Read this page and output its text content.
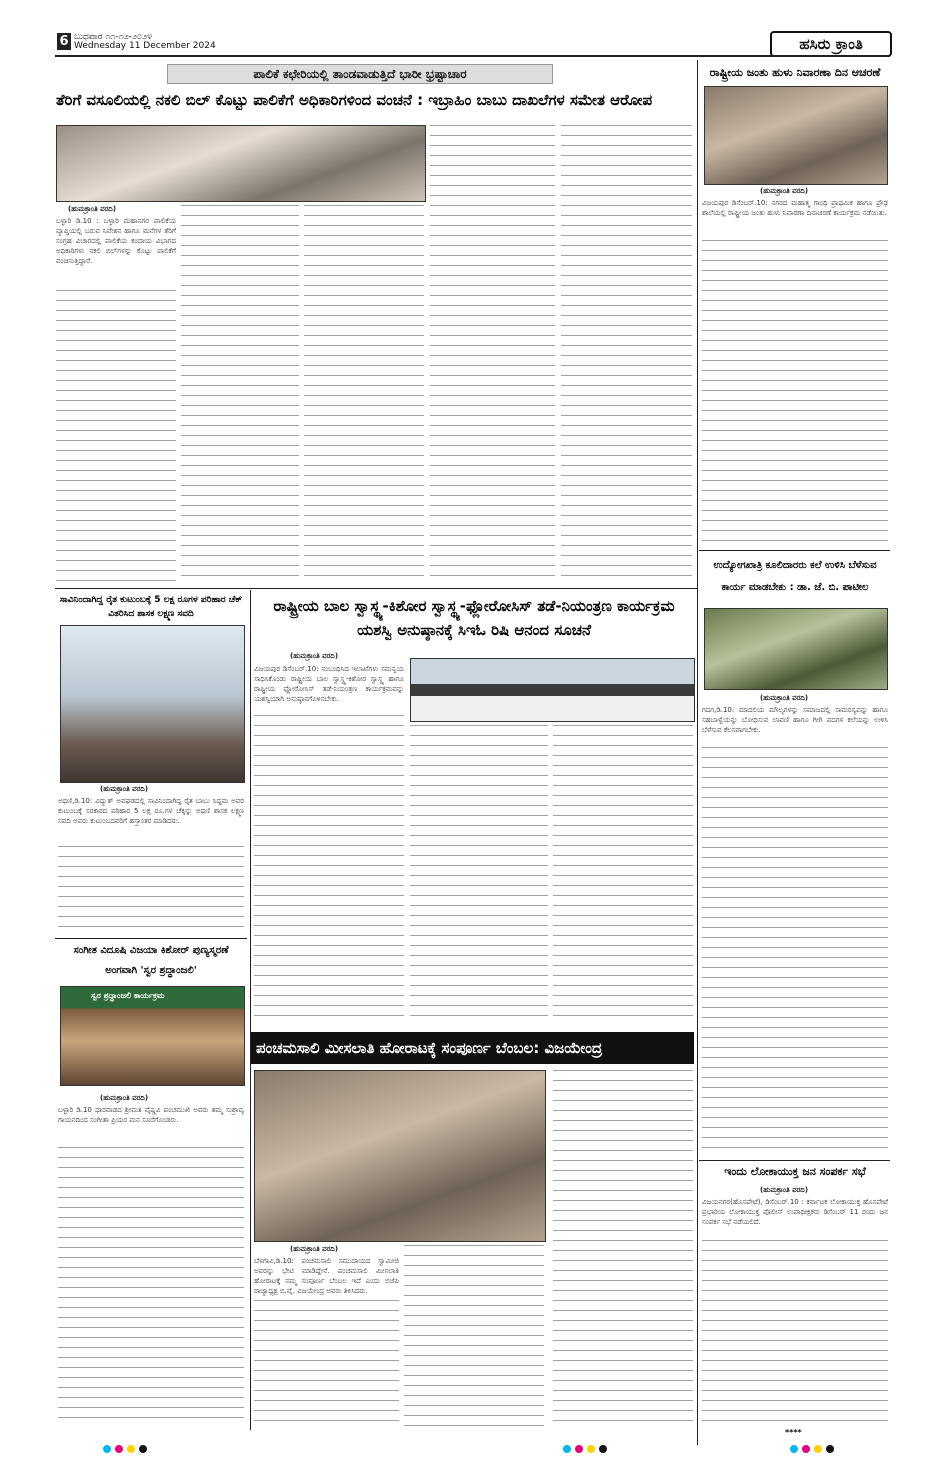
6 ಬುಧವಾರ ೧೧-೧೨-೨೦೨೪
Wednesday 11 December 2024	ಹಸಿರು ಕ್ರಾಂತಿ
ಪಾಲಿಕೆ ಕಛೇರಿಯಲ್ಲಿ ತಾಂಡವಾಡುತ್ತಿದೆ ಭಾರೀ ಭ್ರಷ್ಟಾಚಾರ
ತೆರಿಗೆ ವಸೂಲಿಯಲ್ಲಿ ನಕಲಿ ಬಿಲ್ ಕೊಟ್ಟು ಪಾಲಿಕೆಗೆ ಅಧಿಕಾರಿಗಳಿಂದ ವಂಚನೆ : ಇಬ್ರಾಹಿಂ ಬಾಬು ದಾಖಲೆಗಳ ಸಮೇತ ಆರೋಪ
(ಹುಮಕ್ರಾಂತಿ ವರದಿ)
ಬಳ್ಳಾರಿ ಡಿ.10 : ಬಳ್ಳಾರಿ ಮಹಾನಗರ ಪಾಲಿಕೆಯ ವ್ಯಾಪ್ತಿಯಲ್ಲಿ ಬರುವ ನಿವೇಶನ ಹಾಗೂ ಮನೆಗಳ ತೆರಿಗೆ ಸಂಗ್ರಹ ವಿಚಾರದಲ್ಲಿ ಪಾಲಿಕೆಯ ಕಂದಾಯ ವಿಭಾಗದ ಅಧಿಕಾರಿಗಳು ನಕಲಿ ಬಿಲ್‌ಗಳನ್ನು ಕೊಟ್ಟು ಪಾಲಿಕೆಗೆ ವಂಚಿಸುತ್ತಿದ್ದಾರೆ.
ರಾಷ್ಟ್ರೀಯ ಜಂತು ಹುಳು ನಿವಾರಣಾ ದಿನ ಆಚರಣೆ
(ಹುಮಕ್ರಾಂತಿ ವರದಿ)
ವಿಜಯಪುರ ಡಿಸೆಂಬರ್.10: ನಗರದ ಮಹಾತ್ಮ ಗಾಂಧಿ ಪ್ರಾಥಮಿಕ ಹಾಗೂ ಪ್ರೌಢ ಶಾಲೆಯಲ್ಲಿ ರಾಷ್ಟ್ರೀಯ ಜಂತು ಹುಳು ನಿವಾರಣಾ ದಿನಾಚರಣೆ ಕಾರ್ಯಕ್ರಮ ನಡೆಯಿತು.
ಉದ್ಯೋಗಖಾತ್ರಿ ಕೂಲಿದಾರರು ಕಲೆ ಉಳಿಸಿ ಬೆಳೆಸುವ ಕಾರ್ಯ ಮಾಡಬೇಕು : ಡಾ. ಜೆ. ಬಿ. ಪಾಟೀಲ
(ಹುಮಕ್ರಾಂತಿ ವರದಿ)
ಗದಗ,ಡಿ.10: ಮಾದಲಿಯ ಮೌಲ್ಯಗಳನ್ನು ಸಮಾಜದಲ್ಲಿ ಸಾಮರಸ್ಯವನ್ನು ಹಾಗೂ ಸಹಬಾಳ್ವೆಯನ್ನು ಬೋಧಿಸುವ ಲಾವಣಿ ಹಾಗೂ ಗೀಗಿ ಪದಗಳ ಕಲೆಯನ್ನು ಉಳಿಸಿ ಬೆಳೆಸುವ ಕೆಲಸವಾಗಬೇಕು.
ಇಂದು ಲೋಕಾಯುಕ್ತ ಜನ ಸಂಪರ್ಕ ಸಭೆ
(ಹುಮಕ್ರಾಂತಿ ವರದಿ)
ವಿಜಯನಗರ(ಹೊಸಪೇಟೆ), ಡಿಸೆಂಬರ್.10 : ಕರ್ನಾಟಕ ಲೋಕಾಯುಕ್ತ ಹೊಸಪೇಟೆ ಪ್ರಭಾರಿಯ ಲೋಕಾಯುಕ್ತ ಪೊಲೀಸ್ ಉಪಾಧೀಕ್ಷಕರು ಡಿಸೆಂಬರ್ 11 ರಂದು ಜನ ಸಂಪರ್ಕ ಸಭೆ ನಡೆಯಲಿದೆ.
****
ಸಾವಿನಿಂದಾಗಿದ್ದ ರೈತ ಕುಟುಂಬಕ್ಕೆ 5 ಲಕ್ಷ ರೂಗಳ ಪರಿಹಾರ ಚೆಕ್ ವಿತರಿಸಿದ ಶಾಸಕ ಲಕ್ಷ್ಮಣ ಸವದಿ
(ಹುಮಕ್ರಾಂತಿ ವರದಿ)
ಅಥಣಿ,ಡಿ.10: ವಿದ್ಯುತ್ ಅವಘಡದಲ್ಲಿ ಸಾವಿನಿಂದಾಗಿದ್ದ ರೈತ ಬಾಬು ಸಿದ್ದಮ ಅವರ ಕುಟುಂಬಕ್ಕೆ ಸರಕಾರದ ಪರಿಹಾರ 5 ಲಕ್ಷ ರೂ.ಗಳ ಚೆಕ್ಕನ್ನು ಅಥಣಿ ಶಾಸಕ ಲಕ್ಷ್ಮಣ ಸವದಿ ಅವರು ಕುಟುಂಬದವರಿಗೆ ಹಸ್ತಾಂತರ ಮಾಡಿದರು.
ಸಂಗೀತ ವಿದೂಷಿ ವಿಜಯಾ ಕಿಶೋರ್ ಪುಣ್ಯಸ್ಮರಣೆ ಅಂಗವಾಗಿ 'ಸ್ವರ ಶ್ರದ್ಧಾಂಜಲಿ'
ಸ್ವರ ಶ್ರದ್ಧಾಂಜಲಿ ಕಾರ್ಯಕ್ರಮ
(ಹುಮಕ್ರಾಂತಿ ವರದಿ)
ಬಳ್ಳಾರಿ ಡಿ.10 ಧಾರವಾಡದ ಶ್ರೀಮತಿ ವೈಷ್ಣವಿ ಪಂಚಮುಖಿ ಅವರು ತಮ್ಮ ಸುಶ್ರಾವ್ಯ ಗಾಯನದಿಂದ ಸಂಗೀತಾ ಪ್ರಿಯರ ಮನ ಸೂರೆಗೊಂಡರು.
ರಾಷ್ಟ್ರೀಯ ಬಾಲ ಸ್ವಾಸ್ಥ್ಯ-ಕಿಶೋರ ಸ್ವಾಸ್ಥ್ಯ-ಫ್ಲೋರೋಸಿಸ್ ತಡೆ-ನಿಯಂತ್ರಣ ಕಾರ್ಯಕ್ರಮ ಯಶಸ್ವಿ ಅನುಷ್ಠಾನಕ್ಕೆ ಸಿಇಓ ರಿಷಿ ಆನಂದ ಸೂಚನೆ
(ಹುಮಕ್ರಾಂತಿ ವರದಿ)
ವಿಜಯಪುರ ಡಿಸೆಂಬರ್.10: ಸಂಬಂಧಿಸಿದ ಇಲಾಖೆಗಳು ಸಮನ್ವಯ ಸಾಧಿಸಿಕೊಂಡು ರಾಷ್ಟ್ರೀಯ ಬಾಲ ಸ್ವಾಸ್ಥ್ಯ-ಕಿಶೋರ ಸ್ವಾಸ್ಥ್ಯ ಹಾಗೂ ರಾಷ್ಟ್ರೀಯ ಫ್ಲೋರೋಸಿಸ್ ತಡೆ-ನಿಯಂತ್ರಣ ಕಾರ್ಯಕ್ರಮವನ್ನು ಯಶಸ್ವಿಯಾಗಿ ಅನುಷ್ಠಾನಗೊಳಿಸಬೇಕು.
ಪಂಚಮಸಾಲಿ ಮೀಸಲಾತಿ ಹೋರಾಟಕ್ಕೆ ಸಂಪೂರ್ಣ ಬೆಂಬಲ: ವಿಜಯೇಂದ್ರ
(ಹುಮಕ್ರಾಂತಿ ವರದಿ)
ಬೆಳಗಾವಿ,ಡಿ.10: ಪಂಚಮಸಾಲಿ ಸಮುದಾಯದ ಸ್ವಾಮೀಜಿ ಅವರನ್ನು ಭೇಟಿ ಮಾಡಿದ್ದೇನೆ. ಪಂಚಮಸಾಲಿ ಮೀಸಲಾತಿ ಹೋರಾಟಕ್ಕೆ ನಮ್ಮ ಸಂಪೂರ್ಣ ಬೆಂಬಲ ಇದೆ ಎಂದು ಬಿಜೆಪಿ ರಾಜ್ಯಾಧ್ಯಕ್ಷ ಬಿ.ವೈ. ವಿಜಯೇಂದ್ರ ಅವರು ತಿಳಿಸಿದರು.
